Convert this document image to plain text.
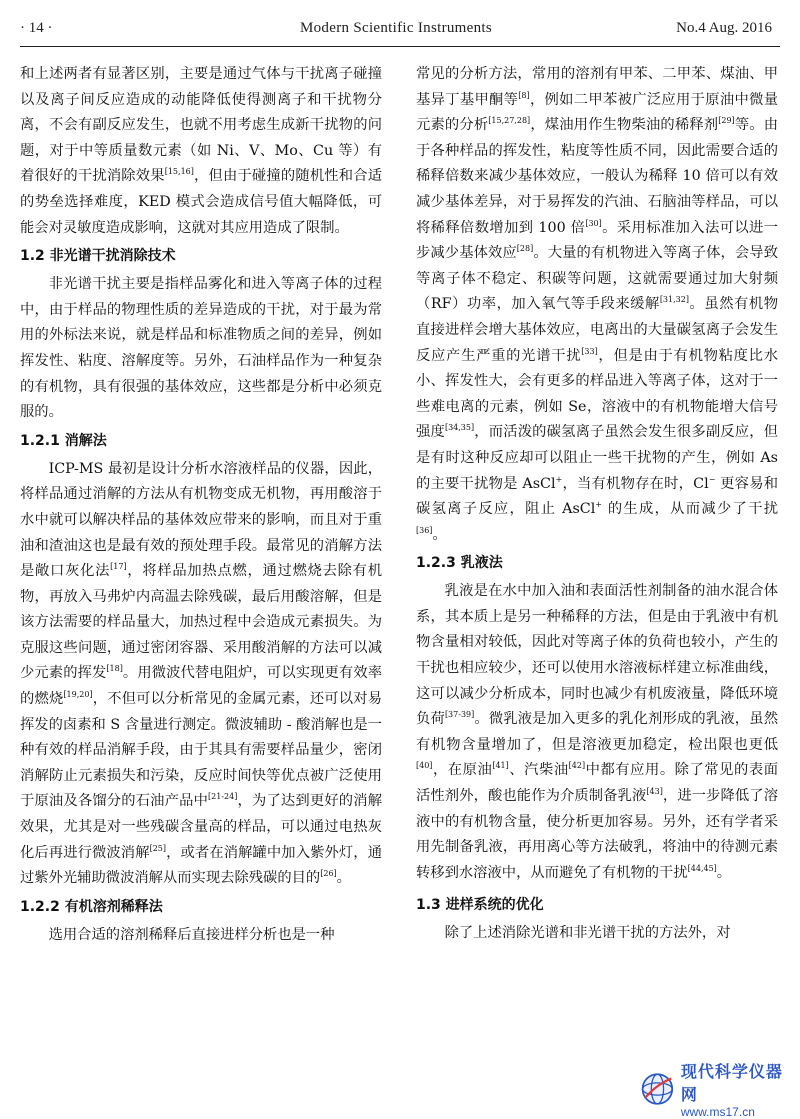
· 14 ·	Modern Scientific Instruments	No.4 Aug. 2016

和上述两者有显著区别，主要是通过气体与干扰离子碰撞以及离子间反应造成的动能降低使得测离子和干扰物分离，不会有副反应发生，也就不用考虑生成新干扰物的问题，对于中等质量数元素（如 Ni、V、Mo、Cu 等）有着很好的干扰消除效果[15,16]，但由于碰撞的随机性和合适的势垒选择难度，KED 模式会造成信号值大幅降低，可能会对灵敏度造成影响，这就对其应用造成了限制。

1.2 非光谱干扰消除技术

非光谱干扰主要是指样品雾化和进入等离子体的过程中，由于样品的物理性质的差异造成的干扰，对于最为常用的外标法来说，就是样品和标准物质之间的差异，例如挥发性、粘度、溶解度等。另外，石油样品作为一种复杂的有机物，具有很强的基体效应，这些都是分析中必须克服的。

1.2.1 消解法

ICP-MS 最初是设计分析水溶液样品的仪器，因此，将样品通过消解的方法从有机物变成无机物，再用酸溶于水中就可以解决样品的基体效应带来的影响，而且对于重油和渣油这也是最有效的预处理手段。最常见的消解方法是敞口灰化法[17]，将样品加热点燃，通过燃烧去除有机物，再放入马弗炉内高温去除残碳，最后用酸溶解，但是该方法需要的样品量大，加热过程中会造成元素损失。为克服这些问题，通过密闭容器、采用酸消解的方法可以减少元素的挥发[18]。用微波代替电阻炉，可以实现更有效率的燃烧[19,20]，不但可以分析常见的金属元素，还可以对易挥发的卤素和 S 含量进行测定。微波辅助 - 酸消解也是一种有效的样品消解手段，由于其具有需要样品量少，密闭消解防止元素损失和污染，反应时间快等优点被广泛使用于原油及各馏分的石油产品中[21-24]，为了达到更好的消解效果，尤其是对一些残碳含量高的样品，可以通过电热灰化后再进行微波消解[25]，或者在消解罐中加入紫外灯，通过紫外光辅助微波消解从而实现去除残碳的目的[26]。

1.2.2 有机溶剂稀释法

选用合适的溶剂稀释后直接进样分析也是一种

常见的分析方法，常用的溶剂有甲苯、二甲苯、煤油、甲基异丁基甲酮等[8]，例如二甲苯被广泛应用于原油中微量元素的分析[15,27,28]，煤油用作生物柴油的稀释剂[29]等。由于各种样品的挥发性，粘度等性质不同，因此需要合适的稀释倍数来减少基体效应，一般认为稀释 10 倍可以有效减少基体差异，对于易挥发的汽油、石脑油等样品，可以将稀释倍数增加到 100 倍[30]。采用标准加入法可以进一步减少基体效应[28]。大量的有机物进入等离子体，会导致等离子体不稳定、积碳等问题，这就需要通过加大射频（RF）功率，加入氧气等手段来缓解[31,32]。虽然有机物直接进样会增大基体效应，电离出的大量碳氢离子会发生反应产生严重的光谱干扰[33]，但是由于有机物粘度比水小、挥发性大，会有更多的样品进入等离子体，这对于一些难电离的元素，例如 Se，溶液中的有机物能增大信号强度[34,35]，而活泼的碳氢离子虽然会发生很多副反应，但是有时这种反应却可以阻止一些干扰物的产生，例如 As 的主要干扰物是 AsCl+，当有机物存在时，Cl− 更容易和碳氢离子反应，阻止 AsCl+ 的生成，从而减少了干扰[36]。

1.2.3 乳液法

乳液是在水中加入油和表面活性剂制备的油水混合体系，其本质上是另一种稀释的方法，但是由于乳液中有机物含量相对较低，因此对等离子体的负荷也较小，产生的干扰也相应较少，还可以使用水溶液标样建立标准曲线，这可以减少分析成本，同时也减少有机废液量，降低环境负荷[37-39]。微乳液是加入更多的乳化剂形成的乳液，虽然有机物含量增加了，但是溶液更加稳定，检出限也更低[40]，在原油[41]、汽柴油[42]中都有应用。除了常见的表面活性剂外，酸也能作为介质制备乳液[43]，进一步降低了溶液中的有机物含量，使分析更加容易。另外，还有学者采用先制备乳液，再用离心等方法破乳，将油中的待测元素转移到水溶液中，从而避免了有机物的干扰[44,45]。

1.3 进样系统的优化

除了上述消除光谱和非光谱干扰的方法外，对

现代科学仪器网
www.ms17.cn
